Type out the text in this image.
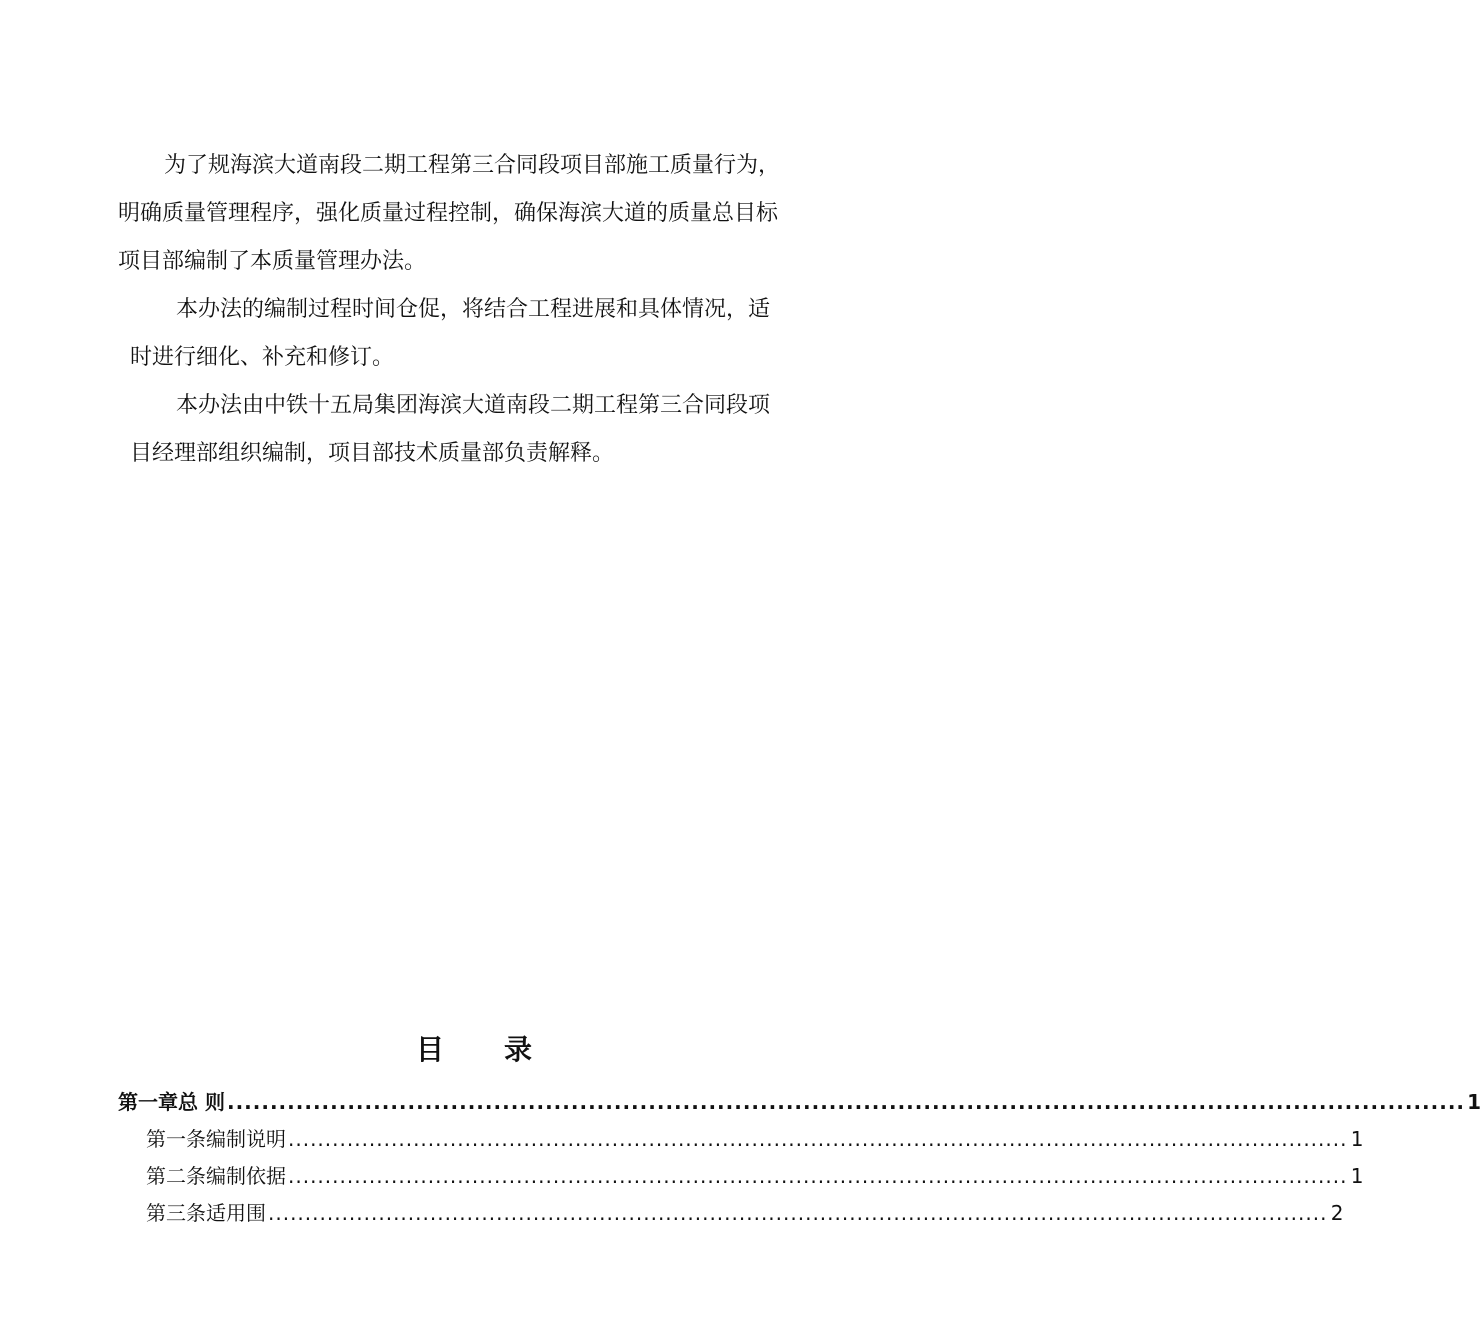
为了规海滨大道南段二期工程第三合同段项目部施工质量行为，
明确质量管理程序，强化质量过程控制，确保海滨大道的质量总目标
项目部编制了本质量管理办法。
本办法的编制过程时间仓促，将结合工程进展和具体情况，适
时进行细化、补充和修订。
本办法由中铁十五局集团海滨大道南段二期工程第三合同段项
目经理部组织编制，项目部技术质量部负责解释。
目 录
第一章 总 则 ................................................................................................................................................ 1
第一条 编制说明 ................................................................................................................................................ 1
第二条 编制依据 ................................................................................................................................................ 1
第三条 适用围 ................................................................................................................................................ 2
